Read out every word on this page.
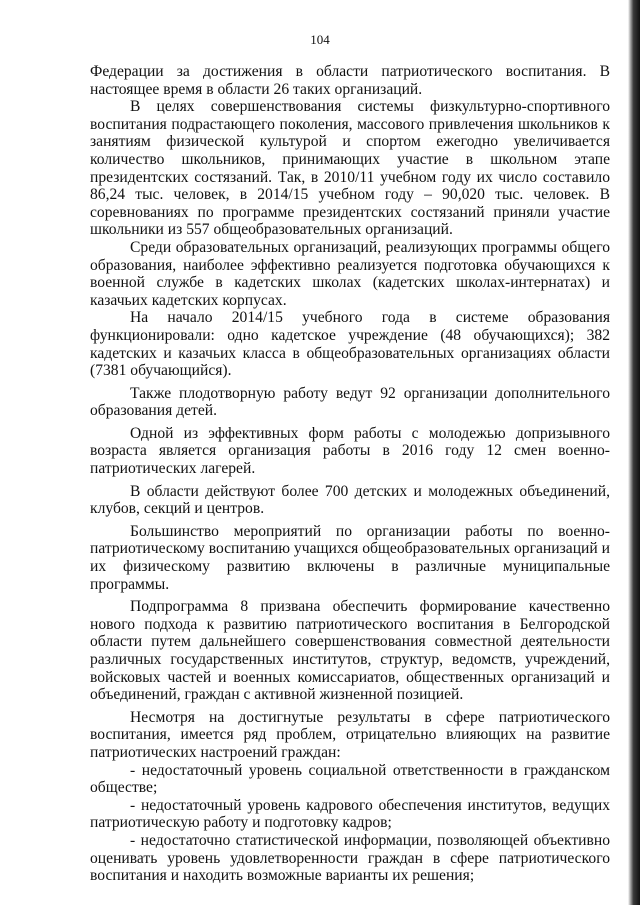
104

Федерации за достижения в области патриотического воспитания. В настоящее время в области 26 таких организаций.

В целях совершенствования системы физкультурно-спортивного воспитания подрастающего поколения, массового привлечения школьников к занятиям физической культурой и спортом ежегодно увеличивается количество школьников, принимающих участие в школьном этапе президентских состязаний. Так, в 2010/11 учебном году их число составило 86,24 тыс. человек, в 2014/15 учебном году – 90,020 тыс. человек. В соревнованиях по программе президентских состязаний приняли участие школьники из 557 общеобразовательных организаций.

Среди образовательных организаций, реализующих программы общего образования, наиболее эффективно реализуется подготовка обучающихся к военной службе в кадетских школах (кадетских школах-интернатах) и казачьих кадетских корпусах.

На начало 2014/15 учебного года в системе образования функционировали: одно кадетское учреждение (48 обучающихся); 382 кадетских и казачьих класса в общеобразовательных организациях области (7381 обучающийся).

Также плодотворную работу ведут 92 организации дополнительного образования детей.

Одной из эффективных форм работы с молодежью допризывного возраста является организация работы в 2016 году 12 смен военно-патриотических лагерей.

В области действуют более 700 детских и молодежных объединений, клубов, секций и центров.

Большинство мероприятий по организации работы по военно-патриотическому воспитанию учащихся общеобразовательных организаций и их физическому развитию включены в различные муниципальные программы.

Подпрограмма 8 призвана обеспечить формирование качественно нового подхода к развитию патриотического воспитания в Белгородской области путем дальнейшего совершенствования совместной деятельности различных государственных институтов, структур, ведомств, учреждений, войсковых частей и военных комиссариатов, общественных организаций и объединений, граждан с активной жизненной позицией.

Несмотря на достигнутые результаты в сфере патриотического воспитания, имеется ряд проблем, отрицательно влияющих на развитие патриотических настроений граждан:

- недостаточный уровень социальной ответственности в гражданском обществе;

- недостаточный уровень кадрового обеспечения институтов, ведущих патриотическую работу и подготовку кадров;

- недостаточно статистической информации, позволяющей объективно оценивать уровень удовлетворенности граждан в сфере патриотического воспитания и находить возможные варианты их решения;
